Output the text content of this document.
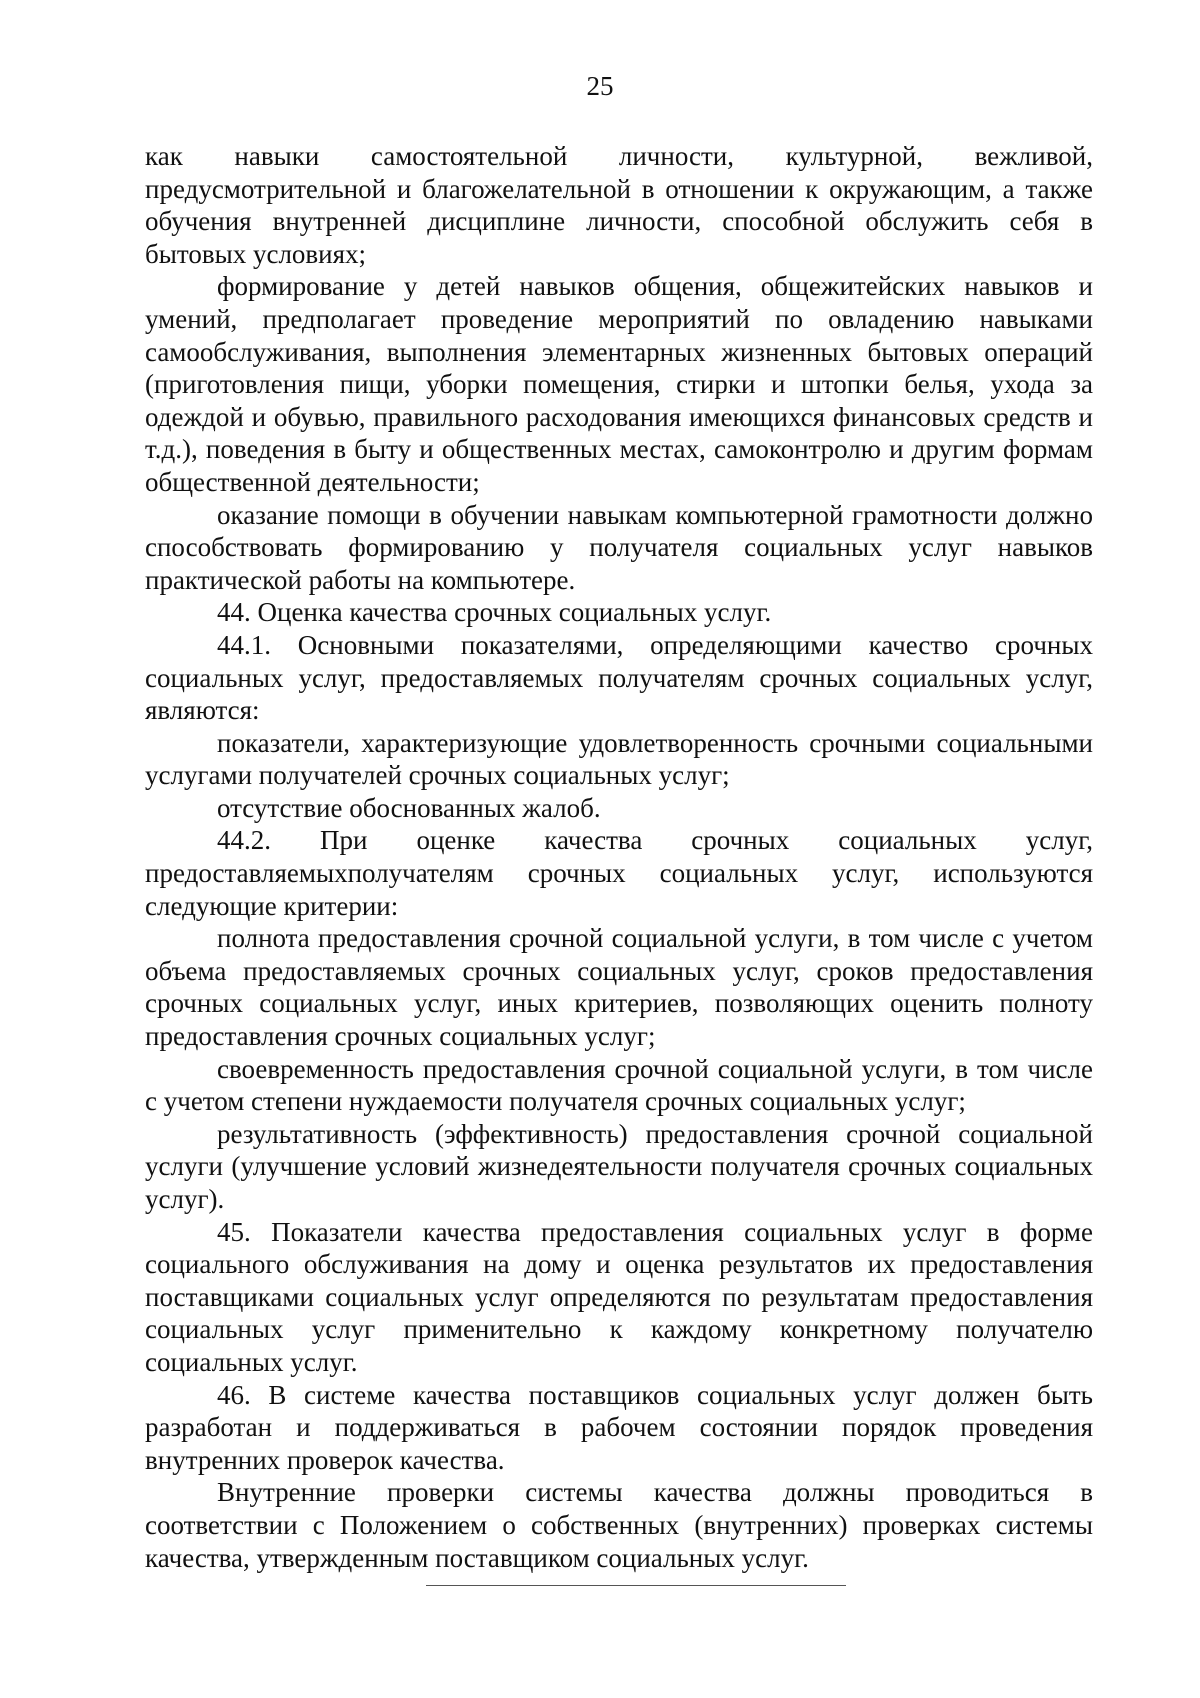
25

как навыки самостоятельной личности, культурной, вежливой, предусмотрительной и благожелательной в отношении к окружающим, а также обучения внутренней дисциплине личности, способной обслужить себя в бытовых условиях;

формирование у детей навыков общения, общежитейских навыков и умений, предполагает проведение мероприятий по овладению навыками самообслуживания, выполнения элементарных жизненных бытовых операций (приготовления пищи, уборки помещения, стирки и штопки белья, ухода за одеждой и обувью, правильного расходования имеющихся финансовых средств и т.д.), поведения в быту и общественных местах, самоконтролю и другим формам общественной деятельности;

оказание помощи в обучении навыкам компьютерной грамотности должно способствовать формированию у получателя социальных услуг навыков практической работы на компьютере.

44. Оценка качества срочных социальных услуг.

44.1. Основными показателями, определяющими качество срочных социальных услуг, предоставляемых получателям срочных социальных услуг, являются:

показатели, характеризующие удовлетворенность срочными социальными услугами получателей срочных социальных услуг;

отсутствие обоснованных жалоб.

44.2. При оценке качества срочных социальных услуг, предоставляемыхполучателям срочных социальных услуг, используются следующие критерии:

полнота предоставления срочной социальной услуги, в том числе с учетом объема предоставляемых срочных социальных услуг, сроков предоставления срочных социальных услуг, иных критериев, позволяющих оценить полноту предоставления срочных социальных услуг;

своевременность предоставления срочной социальной услуги, в том числе с учетом степени нуждаемости получателя срочных социальных услуг;

результативность (эффективность) предоставления срочной социальной услуги (улучшение условий жизнедеятельности получателя срочных социальных услуг).

45. Показатели качества предоставления социальных услуг в форме социального обслуживания на дому и оценка результатов их предоставления поставщиками социальных услуг определяются по результатам предоставления социальных услуг применительно к каждому конкретному получателю социальных услуг.

46. В системе качества поставщиков социальных услуг должен быть разработан и поддерживаться в рабочем состоянии порядок проведения внутренних проверок качества.

Внутренние проверки системы качества должны проводиться в соответствии с Положением о собственных (внутренних) проверках системы качества, утвержденным поставщиком социальных услуг.
